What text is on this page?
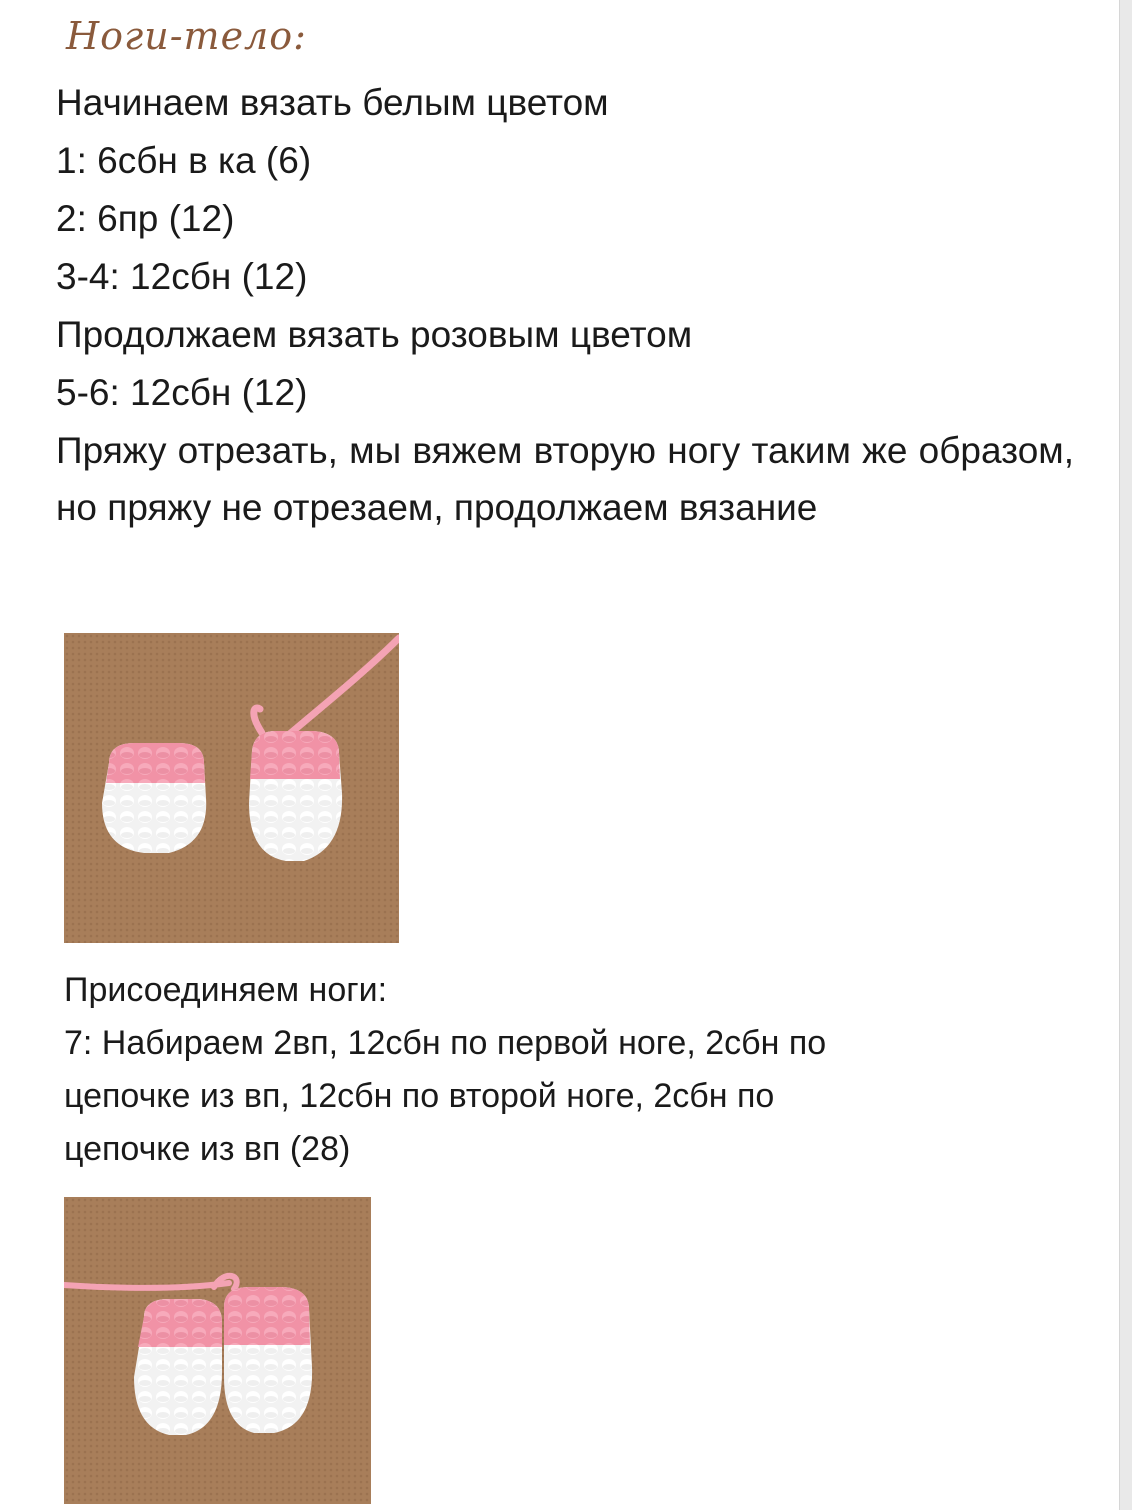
Ноги-тело:
Начинаем вязать белым цветом
1: 6сбн в ка (6)
2: 6пр (12)
3-4: 12сбн (12)
Продолжаем вязать розовым цветом
5-6: 12сбн (12)
Пряжу отрезать, мы вяжем вторую ногу таким же образом, но пряжу не отрезаем, продолжаем вязание
Присоединяем ноги:
7: Набираем 2вп, 12сбн по первой ноге, 2сбн по
цепочке из вп, 12сбн по второй ноге, 2сбн по
цепочке из вп (28)
